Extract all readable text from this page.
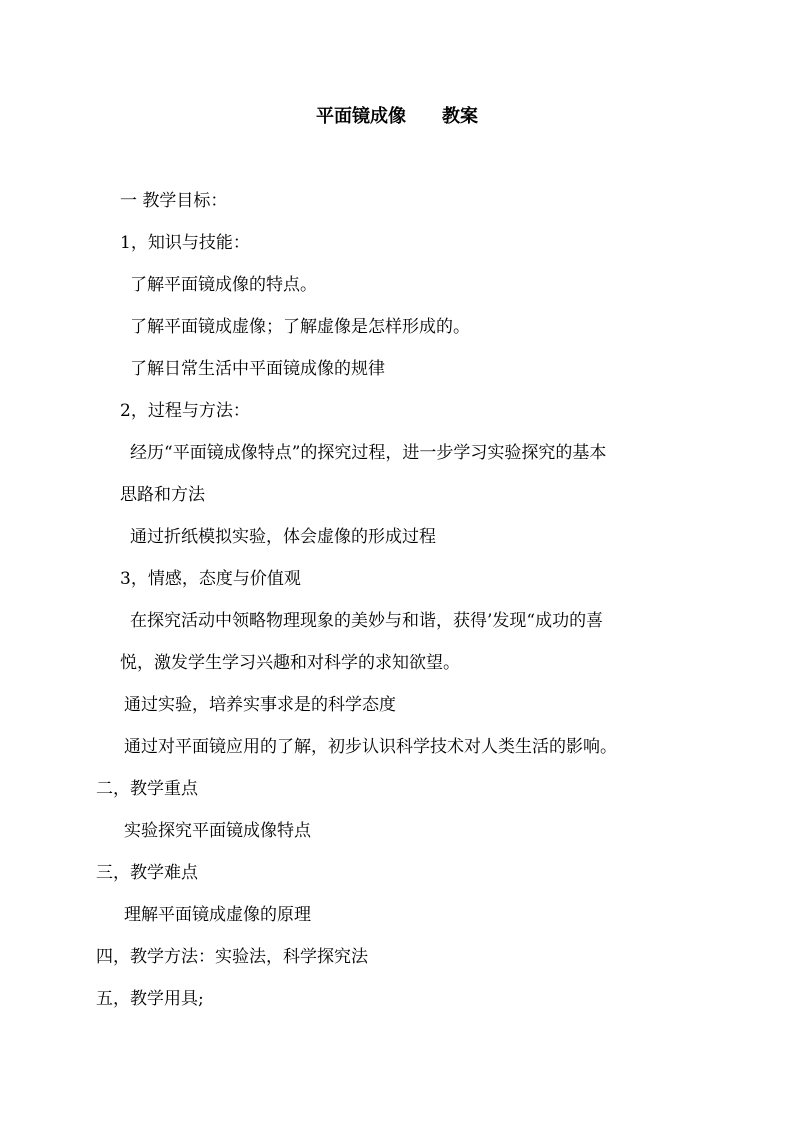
平面镜成像　　教案
一 教学目标：
1，知识与技能：
了解平面镜成像的特点。
了解平面镜成虚像；了解虚像是怎样形成的。
了解日常生活中平面镜成像的规律
2，过程与方法：
经历“平面镜成像特点”的探究过程，进一步学习实验探究的基本
思路和方法
通过折纸模拟实验，体会虚像的形成过程
3，情感，态度与价值观
在探究活动中领略物理现象的美妙与和谐，获得’发现“成功的喜
悦，激发学生学习兴趣和对科学的求知欲望。
通过实验，培养实事求是的科学态度
通过对平面镜应用的了解，初步认识科学技术对人类生活的影响。
二，教学重点
实验探究平面镜成像特点
三，教学难点
理解平面镜成虚像的原理
四，教学方法：实验法，科学探究法
五，教学用具;
